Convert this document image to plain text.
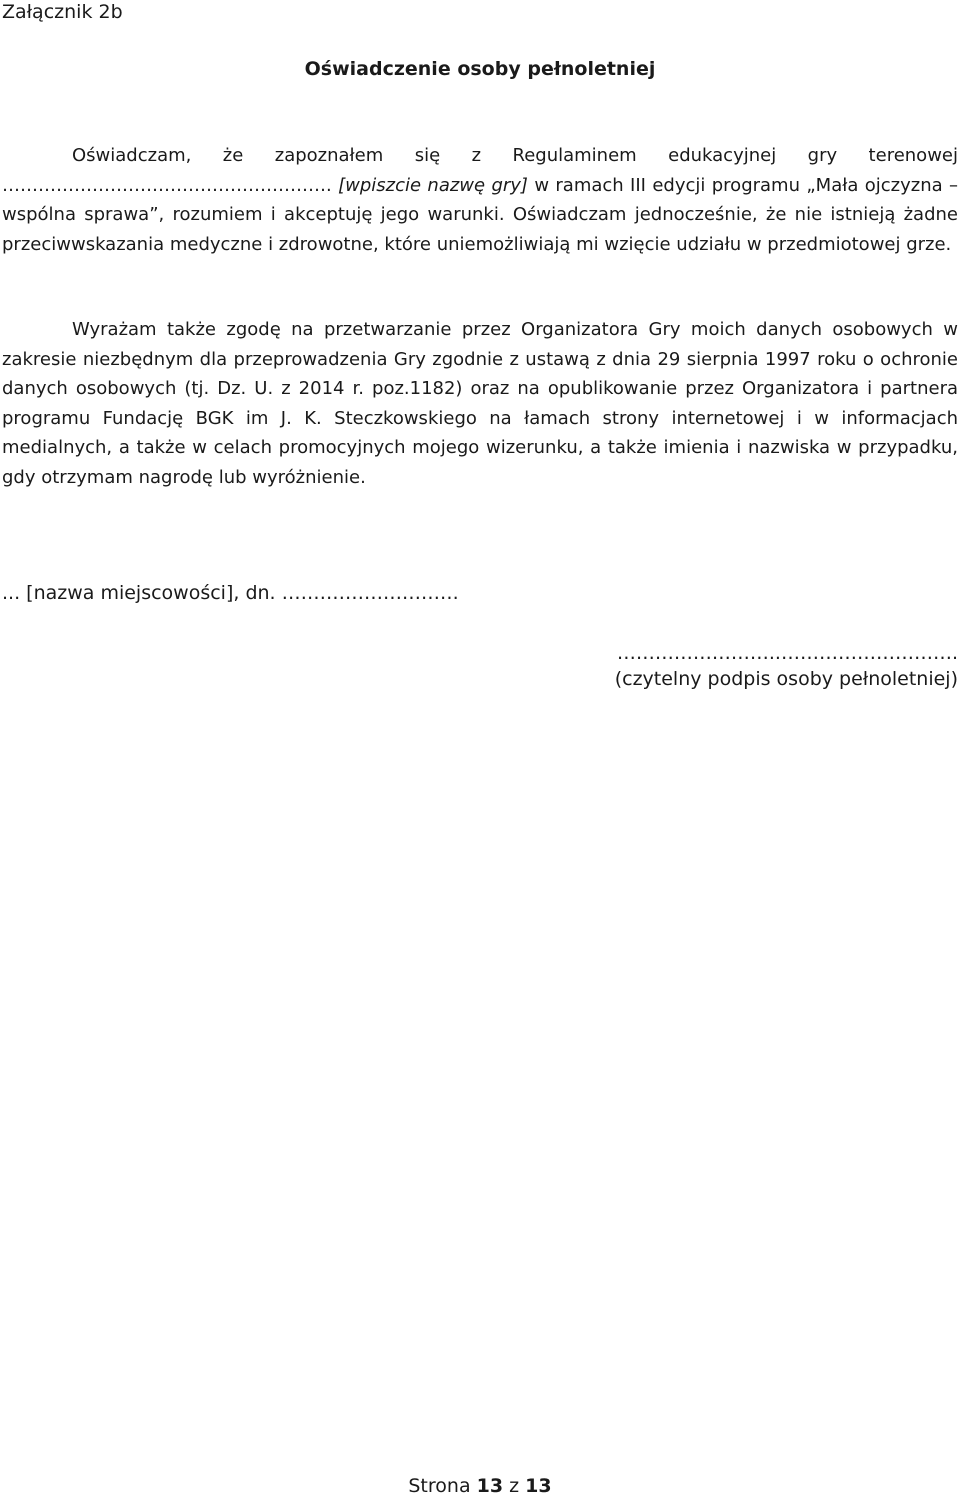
Załącznik 2b
Oświadczenie osoby pełnoletniej

Oświadczam, że zapoznałem się z Regulaminem edukacyjnej gry terenowej ………………………………………………. [wpiszcie nazwę gry] w ramach III edycji programu „Mała ojczyzna – wspólna sprawa”, rozumiem i akceptuję jego warunki. Oświadczam jednocześnie, że nie istnieją żadne przeciwwskazania medyczne i zdrowotne, które uniemożliwiają mi wzięcie udziału w przedmiotowej grze.

Wyrażam także zgodę na przetwarzanie przez Organizatora Gry moich danych osobowych w zakresie niezbędnym dla przeprowadzenia Gry zgodnie z ustawą z dnia 29 sierpnia 1997 roku o ochronie danych osobowych (tj. Dz. U. z 2014 r. poz.1182) oraz na opublikowanie przez Organizatora i partnera programu Fundację BGK im J. K. Steczkowskiego na łamach strony internetowej i w informacjach medialnych, a także w celach promocyjnych mojego wizerunku, a także imienia i nazwiska w przypadku, gdy otrzymam nagrodę lub wyróżnienie.

... [nazwa miejscowości], dn. ……………………….
……………………..……………………….
(czytelny podpis osoby pełnoletniej)
Strona 13 z 13
